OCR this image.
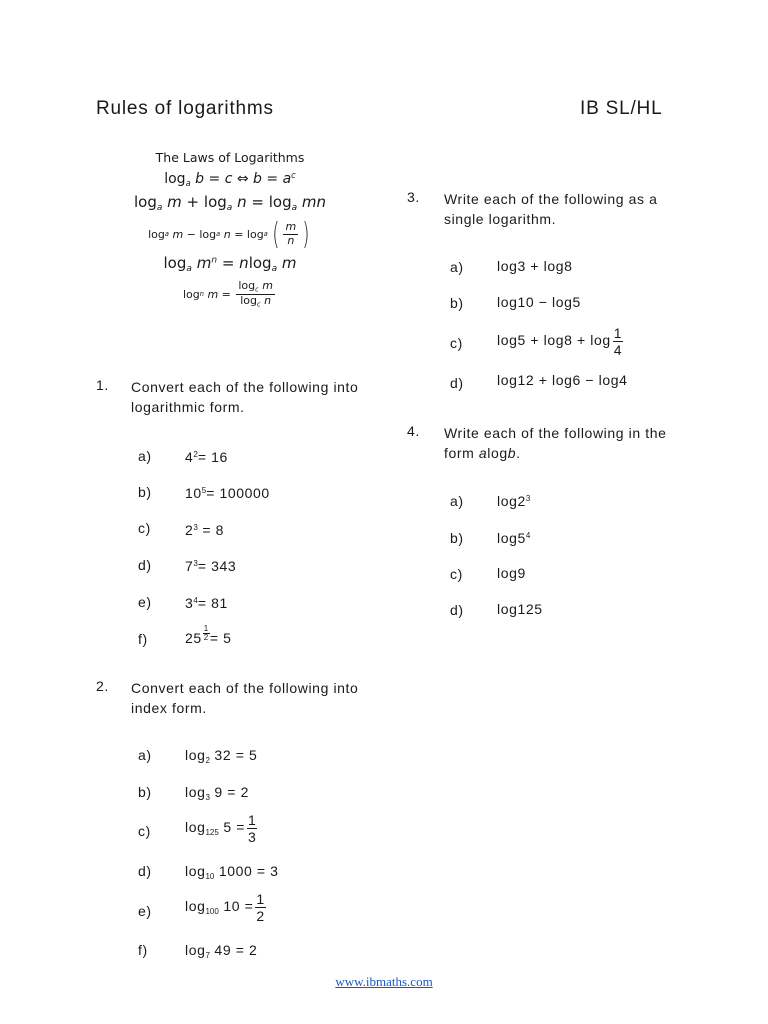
Rules of logarithms	IB SL/HL
The Laws of Logarithms
$\log_a b = c$ ⇔ $b = a^c$
$\log_a m + \log_a n = \log_a$ mn
log a
m
−
log a
n
=
log a ( $\frac{m}{n}$ )
$\log_a m^n = nlog_a$ m
log n
m
=
$\frac{\log_c m}{\log_c n}$
1. Convert each of the following into logarithmic form.
a) $4^2= 16$
b) $10^5= 100000$
c) $2^3 = 8$
d) $7^3= 343$
e) $3^4= 81$
f)	$25 \frac{1}{2} = 5$
2. Convert each of the following into index form.
a) $\log_2 32 = 5$
b) $\log_3 9 = 2$
c) $\log_{125} 5 = \frac{1}{3}$
d) $\log_{10} 1000 = 3$
e) $\log_{100} 10 = \frac{1}{2}$
f)	$\log_7 49 = 2$
3. Write each of the following as a single logarithm.
a) log3 + log8
b) log10 − log5
c) $\log 5 + \log 8 + \log \frac{1}{4}$
d) log12 + log6 − log4
4. Write each of the following in the form alogb.
a) $\log 2^3$
b) $\log 5^4$
c) log9
d) log125
www.ibmaths.com
